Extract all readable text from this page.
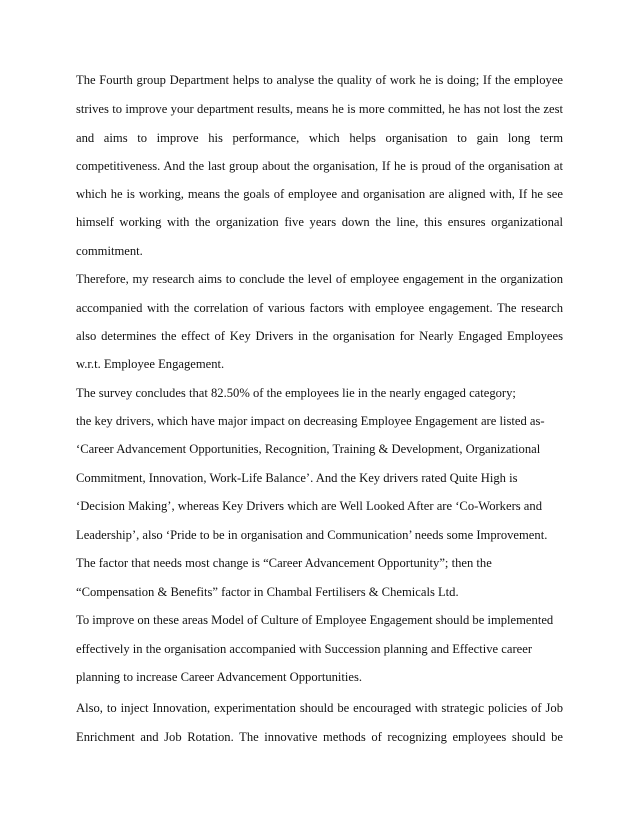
The Fourth group Department helps to analyse the quality of work he is doing; If the employee
strives to improve your department results, means he is more committed, he has not lost the zest
and aims to improve his performance, which helps organisation to gain long term
competitiveness. And the last group about the organisation, If he is proud of the organisation at
which he is working, means the goals of employee and organisation are aligned with, If he see
himself working with the organization five years down the line, this ensures organizational
commitment.
Therefore, my research aims to conclude the level of employee engagement in the organization
accompanied with the correlation of various factors with employee engagement. The research
also determines the effect of Key Drivers in the organisation for Nearly Engaged Employees
w.r.t. Employee Engagement.
The survey concludes that 82.50% of the employees lie in the nearly engaged category;
the key drivers, which have major impact on decreasing Employee Engagement are listed as-
‘Career Advancement Opportunities, Recognition, Training & Development, Organizational
Commitment, Innovation, Work-Life Balance’. And the Key drivers rated Quite High is
‘Decision Making’, whereas Key Drivers which are Well Looked After are ‘Co-Workers and
Leadership’, also ‘Pride to be in organisation and Communication’ needs some Improvement.
The factor that needs most change is “Career Advancement Opportunity”; then the
“Compensation & Benefits” factor in Chambal Fertilisers & Chemicals Ltd.
To improve on these areas Model of Culture of Employee Engagement should be implemented
effectively in the organisation accompanied with Succession planning and Effective career
planning to increase Career Advancement Opportunities.
Also, to inject Innovation, experimentation should be encouraged with strategic policies of Job
Enrichment and Job Rotation. The innovative methods of recognizing employees should be
